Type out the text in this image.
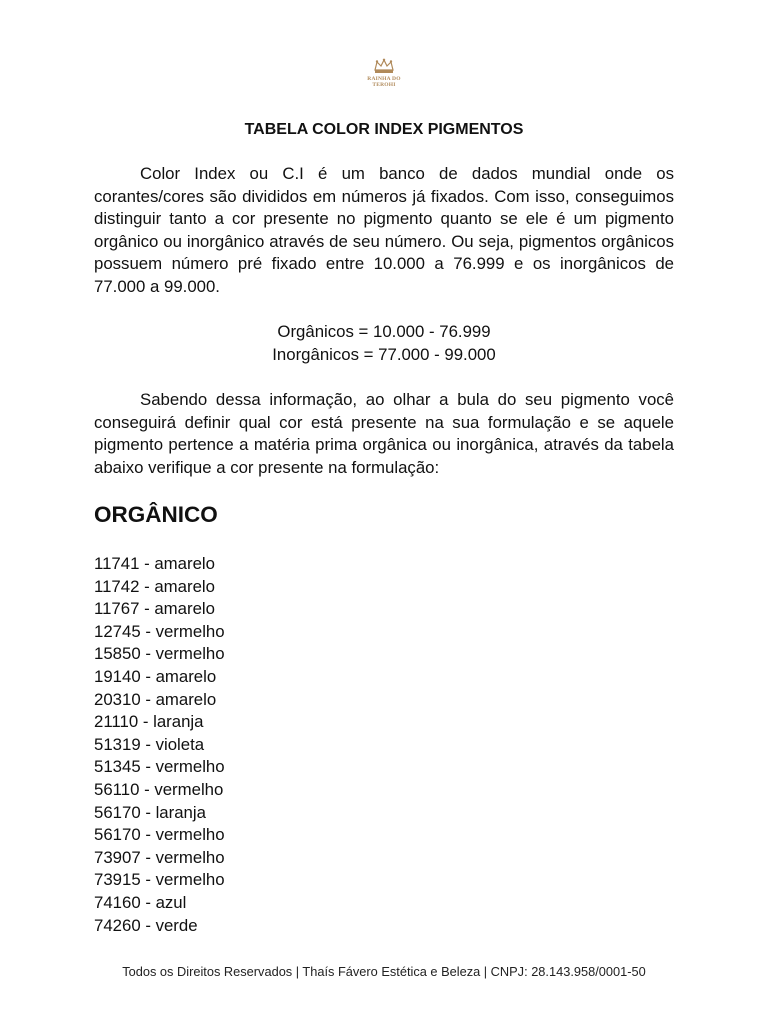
RAINHA DO
TEROHI
TABELA COLOR INDEX PIGMENTOS

Color Index ou C.I é um banco de dados mundial onde os corantes/cores são divididos em números já fixados. Com isso, conseguimos distinguir tanto a cor presente no pigmento quanto se ele é um pigmento orgânico ou inorgânico através de seu número. Ou seja, pigmentos orgânicos possuem número pré fixado entre 10.000 a 76.999 e os inorgânicos de 77.000 a 99.000.

Orgânicos = 10.000 - 76.999
Inorgânicos = 77.000 - 99.000

Sabendo dessa informação, ao olhar a bula do seu pigmento você conseguirá definir qual cor está presente na sua formulação e se aquele pigmento pertence a matéria prima orgânica ou inorgânica, através da tabela abaixo verifique a cor presente na formulação:

ORGÂNICO
11741 - amarelo
11742 - amarelo
11767 - amarelo
12745 - vermelho
15850 - vermelho
19140 - amarelo
20310 - amarelo
21110 - laranja
51319 - violeta
51345 - vermelho
56110 - vermelho
56170 - laranja
56170 - vermelho
73907 - vermelho
73915 - vermelho
74160 - azul
74260 - verde
Todos os Direitos Reservados | Thaís Fávero Estética e Beleza | CNPJ: 28.143.958/0001-50
